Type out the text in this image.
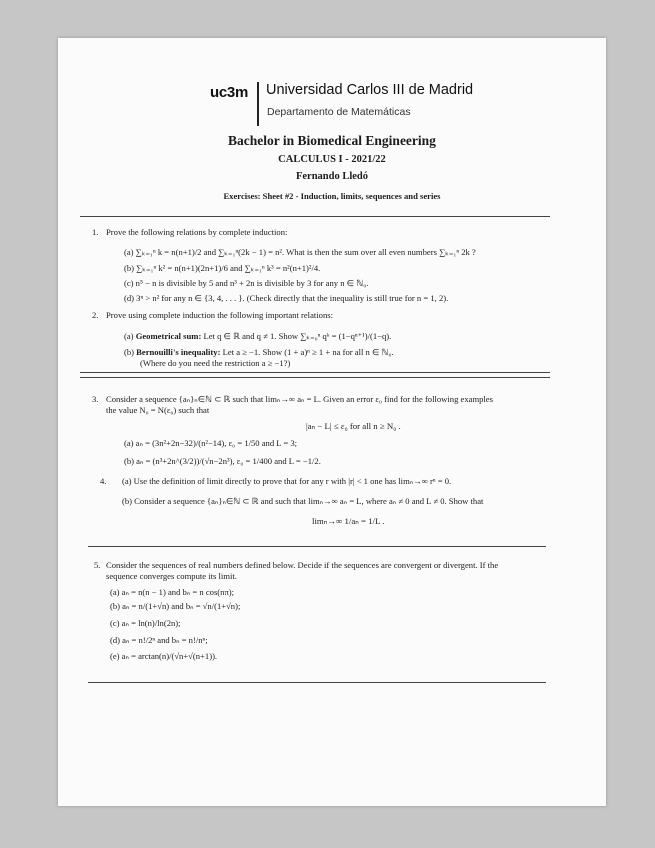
uc3m Universidad Carlos III de Madrid
Departamento de Matemáticas
Bachelor in Biomedical Engineering
CALCULUS I - 2021/22
Fernando Lledó
Exercises: Sheet #2 - Induction, limits, sequences and series
1. Prove the following relations by complete induction:
(a) ∑ₖ₌₁ⁿ k = n(n+1)/2 and ∑ₖ₌₁ⁿ(2k − 1) = n². What is then the sum over all even numbers ∑ₖ₌₁ⁿ 2k ?
(b) ∑ₖ₌₁ⁿ k² = n(n+1)(2n+1)/6 and ∑ₖ₌₁ⁿ k³ = n²(n+1)²/4.
(c) n⁵ − n is divisible by 5 and n³ + 2n is divisible by 3 for any n ∈ ℕ₀.
(d) 3ⁿ > n² for any n ∈ {3, 4, . . . }. (Check directly that the inequality is still true for n = 1, 2).
2. Prove using complete induction the following important relations:
(a) Geometrical sum: Let q ∈ ℝ and q ≠ 1. Show ∑ₖ₌₀ⁿ qᵏ = (1−qⁿ⁺¹)/(1−q).
(b) Bernouilli's inequality: Let a ≥ −1. Show (1 + a)ⁿ ≥ 1 + na for all n ∈ ℕ₀.
(Where do you need the restriction a ≥ −1?)
3. Consider a sequence {aₙ}ₙ∈ℕ ⊂ ℝ such that limₙ→∞ aₙ = L. Given an error ε₀ find for the following examples
the value N₀ = N(ε₀) such that
|aₙ − L| ≤ ε₀ for all n ≥ N₀ .
(a) aₙ = (3n²+2n−32)/(n²−14), ε₀ = 1/50 and L = 3;
(b) aₙ = (n³+2n^(3/2))/(√n−2n³), ε₀ = 1/400 and L = −1/2.
4. (a) Use the definition of limit directly to prove that for any r with |r| < 1 one has limₙ→∞ rⁿ = 0.
(b) Consider a sequence {aₙ}ₙ∈ℕ ⊂ ℝ and such that limₙ→∞ aₙ = L, where aₙ ≠ 0 and L ≠ 0. Show that
limₙ→∞ 1/aₙ = 1/L .
5. Consider the sequences of real numbers defined below. Decide if the sequences are convergent or divergent. If the
sequence converges compute its limit.
(a) aₙ = n(n − 1) and bₙ = n cos(nπ);
(b) aₙ = n/(1+√n) and bₙ = √n/(1+√n);
(c) aₙ = ln(n)/ln(2n);
(d) aₙ = n!/2ⁿ and bₙ = n!/nⁿ;
(e) aₙ = arctan(n)/(√n+√(n+1)).
